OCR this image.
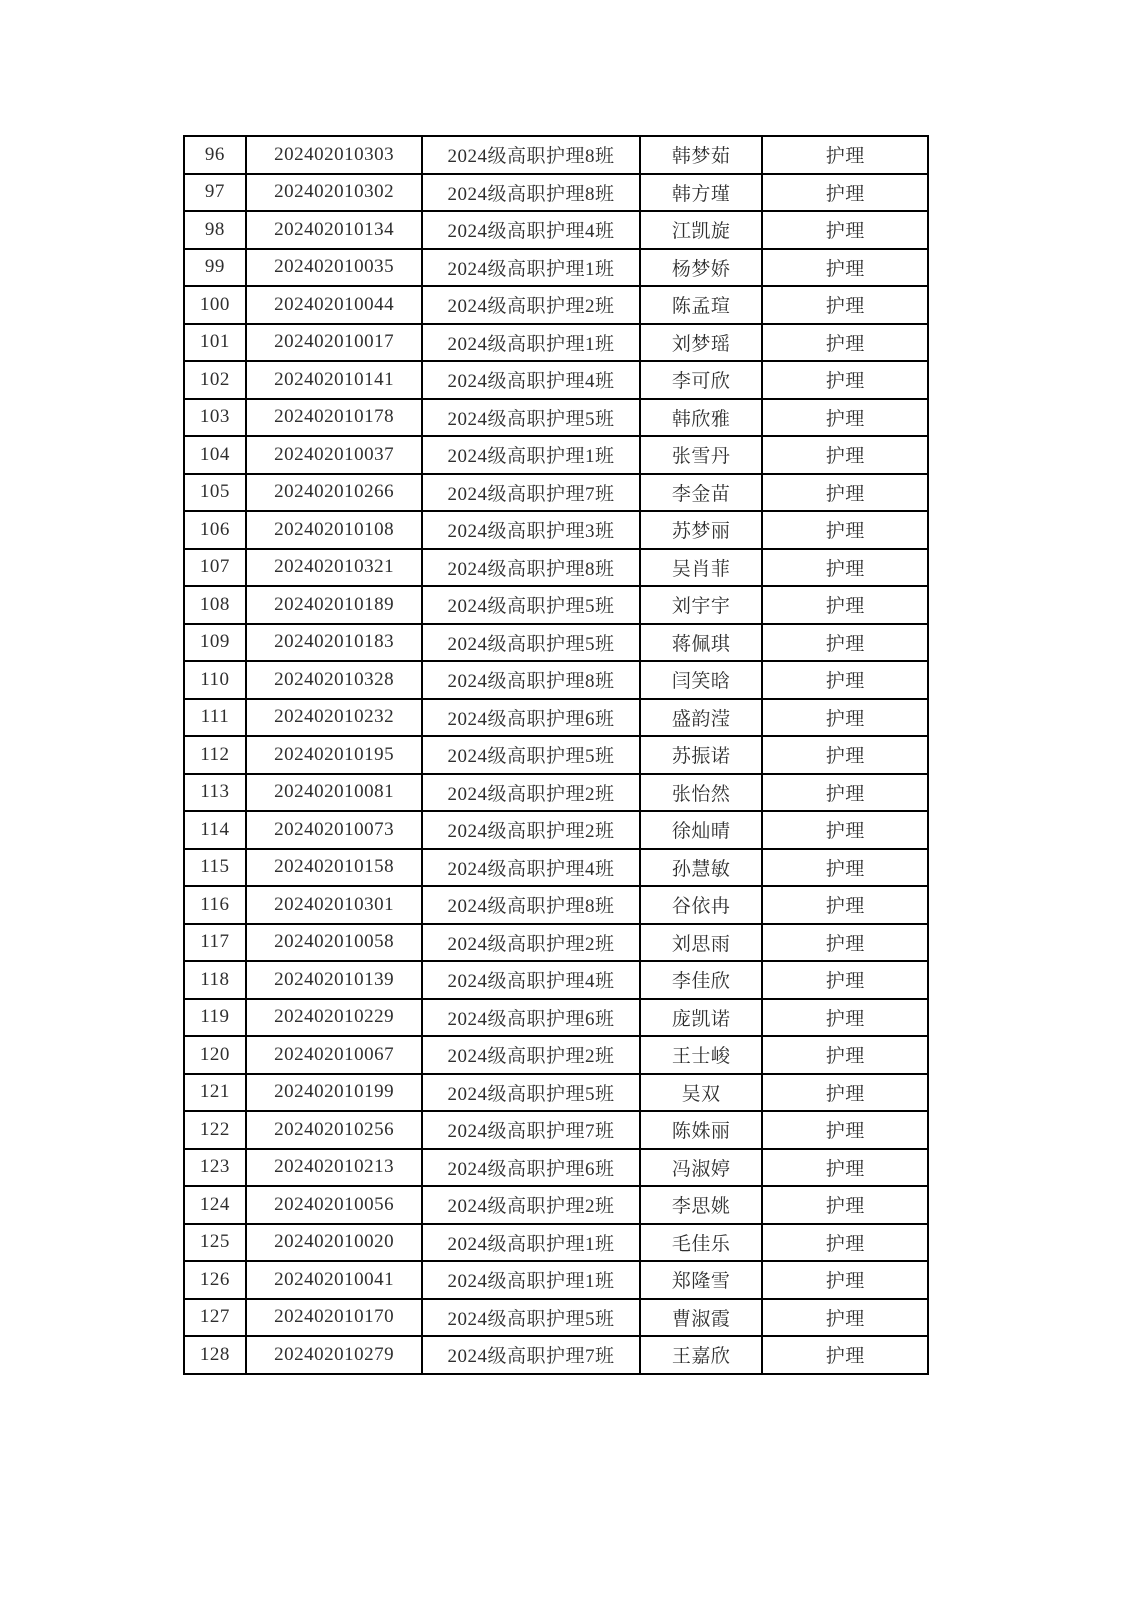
96	202402010303	2024级高职护理8班	韩梦茹	护理
97	202402010302	2024级高职护理8班	韩方瑾	护理
98	202402010134	2024级高职护理4班	江凯旋	护理
99	202402010035	2024级高职护理1班	杨梦娇	护理
100	202402010044	2024级高职护理2班	陈孟瑄	护理
101	202402010017	2024级高职护理1班	刘梦瑶	护理
102	202402010141	2024级高职护理4班	李可欣	护理
103	202402010178	2024级高职护理5班	韩欣雅	护理
104	202402010037	2024级高职护理1班	张雪丹	护理
105	202402010266	2024级高职护理7班	李金苗	护理
106	202402010108	2024级高职护理3班	苏梦丽	护理
107	202402010321	2024级高职护理8班	吴肖菲	护理
108	202402010189	2024级高职护理5班	刘宇宇	护理
109	202402010183	2024级高职护理5班	蒋佩琪	护理
110	202402010328	2024级高职护理8班	闫笑晗	护理
111	202402010232	2024级高职护理6班	盛韵滢	护理
112	202402010195	2024级高职护理5班	苏振诺	护理
113	202402010081	2024级高职护理2班	张怡然	护理
114	202402010073	2024级高职护理2班	徐灿晴	护理
115	202402010158	2024级高职护理4班	孙慧敏	护理
116	202402010301	2024级高职护理8班	谷依冉	护理
117	202402010058	2024级高职护理2班	刘思雨	护理
118	202402010139	2024级高职护理4班	李佳欣	护理
119	202402010229	2024级高职护理6班	庞凯诺	护理
120	202402010067	2024级高职护理2班	王士峻	护理
121	202402010199	2024级高职护理5班	吴双	护理
122	202402010256	2024级高职护理7班	陈姝丽	护理
123	202402010213	2024级高职护理6班	冯淑婷	护理
124	202402010056	2024级高职护理2班	李思姚	护理
125	202402010020	2024级高职护理1班	毛佳乐	护理
126	202402010041	2024级高职护理1班	郑隆雪	护理
127	202402010170	2024级高职护理5班	曹淑霞	护理
128	202402010279	2024级高职护理7班	王嘉欣	护理
